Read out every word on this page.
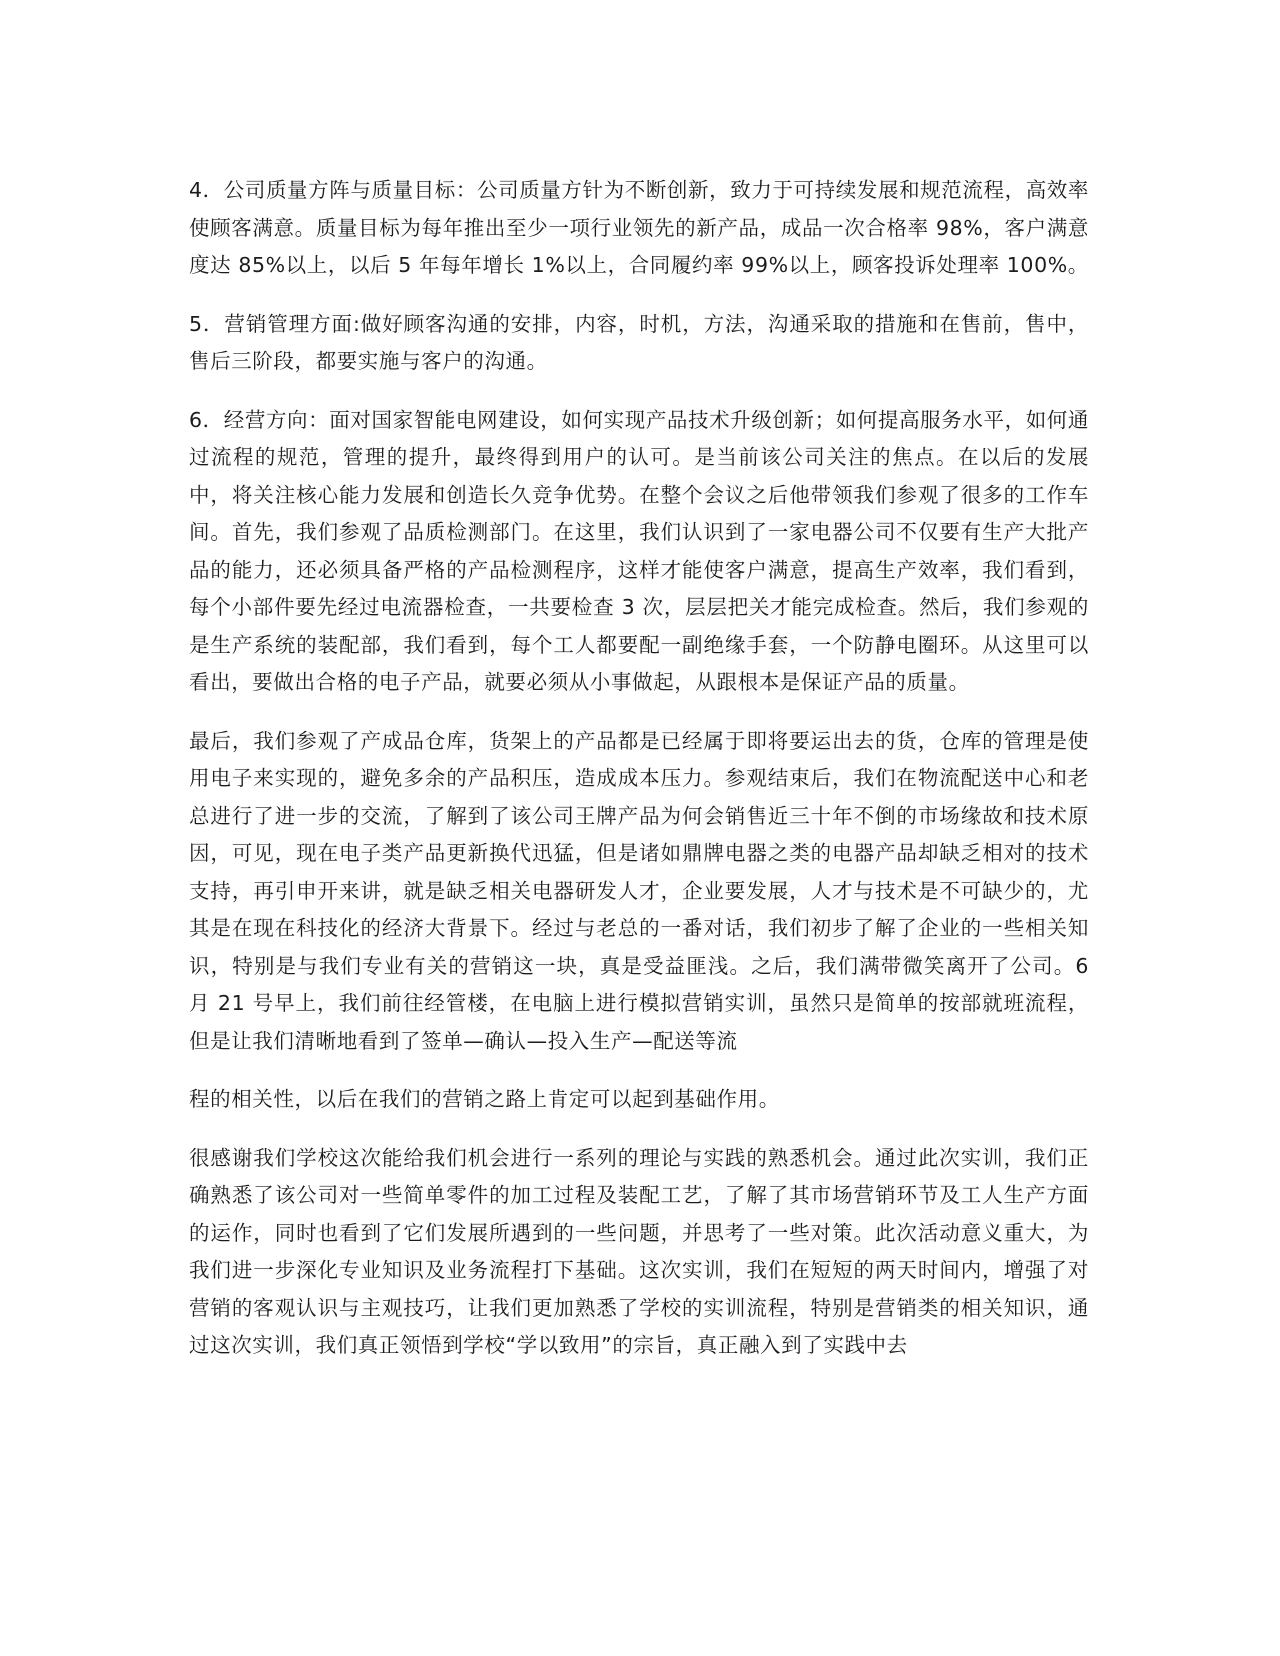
4．公司质量方阵与质量目标：公司质量方针为不断创新，致力于可持续发展和规范流程，高效率使顾客满意。质量目标为每年推出至少一项行业领先的新产品，成品一次合格率 98%，客户满意度达 85%以上，以后 5 年每年增长 1%以上，合同履约率 99%以上，顾客投诉处理率 100%。

5．营销管理方面:做好顾客沟通的安排，内容，时机，方法，沟通采取的措施和在售前，售中，售后三阶段，都要实施与客户的沟通。

6．经营方向：面对国家智能电网建设，如何实现产品技术升级创新；如何提高服务水平，如何通过流程的规范，管理的提升，最终得到用户的认可。是当前该公司关注的焦点。在以后的发展中，将关注核心能力发展和创造长久竞争优势。在整个会议之后他带领我们参观了很多的工作车间。首先，我们参观了品质检测部门。在这里，我们认识到了一家电器公司不仅要有生产大批产品的能力，还必须具备严格的产品检测程序，这样才能使客户满意，提高生产效率，我们看到，每个小部件要先经过电流器检查，一共要检查 3 次，层层把关才能完成检查。然后，我们参观的是生产系统的装配部，我们看到，每个工人都要配一副绝缘手套，一个防静电圈环。从这里可以看出，要做出合格的电子产品，就要必须从小事做起，从跟根本是保证产品的质量。

最后，我们参观了产成品仓库，货架上的产品都是已经属于即将要运出去的货，仓库的管理是使用电子来实现的，避免多余的产品积压，造成成本压力。参观结束后，我们在物流配送中心和老总进行了进一步的交流，了解到了该公司王牌产品为何会销售近三十年不倒的市场缘故和技术原因，可见，现在电子类产品更新换代迅猛，但是诸如鼎牌电器之类的电器产品却缺乏相对的技术支持，再引申开来讲，就是缺乏相关电器研发人才，企业要发展，人才与技术是不可缺少的，尤其是在现在科技化的经济大背景下。经过与老总的一番对话，我们初步了解了企业的一些相关知识，特别是与我们专业有关的营销这一块，真是受益匪浅。之后，我们满带微笑离开了公司。6 月 21 号早上，我们前往经管楼，在电脑上进行模拟营销实训，虽然只是简单的按部就班流程，但是让我们清晰地看到了签单—确认—投入生产—配送等流

程的相关性，以后在我们的营销之路上肯定可以起到基础作用。

很感谢我们学校这次能给我们机会进行一系列的理论与实践的熟悉机会。通过此次实训，我们正确熟悉了该公司对一些简单零件的加工过程及装配工艺，了解了其市场营销环节及工人生产方面的运作，同时也看到了它们发展所遇到的一些问题，并思考了一些对策。此次活动意义重大，为我们进一步深化专业知识及业务流程打下基础。这次实训，我们在短短的两天时间内，增强了对营销的客观认识与主观技巧，让我们更加熟悉了学校的实训流程，特别是营销类的相关知识，通过这次实训，我们真正领悟到学校“学以致用”的宗旨，真正融入到了实践中去
